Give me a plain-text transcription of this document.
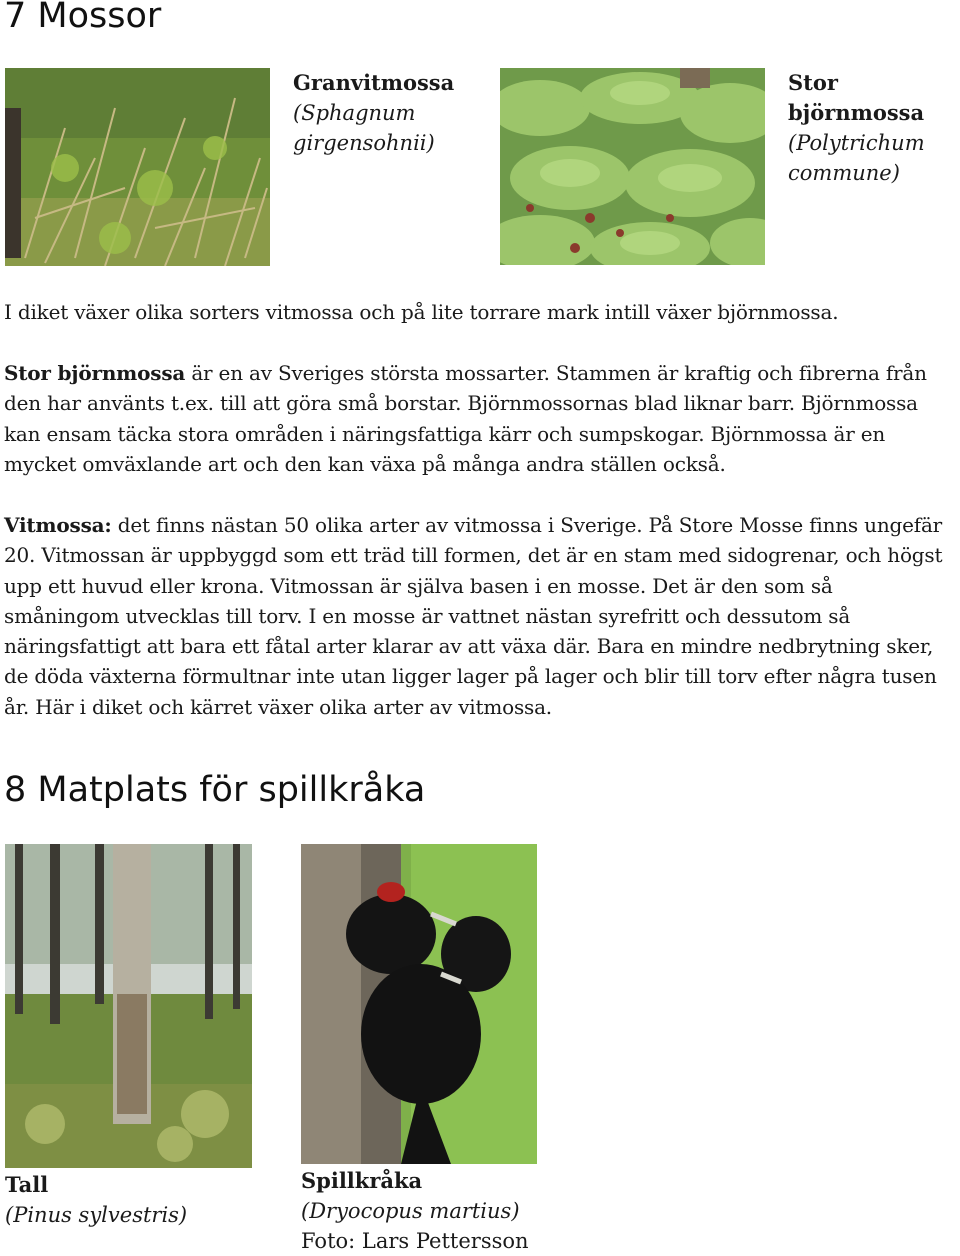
7 Mossor
Granvitmossa
(Sphagnum girgensohnii)
Stor björnmossa
(Polytrichum commune)

I diket växer olika sorters vitmossa och på lite torrare mark intill växer björnmossa.

Stor björnmossa är en av Sveriges största mossarter. Stammen är kraftig och fibrerna från den har använts t.ex. till att göra små borstar. Björnmossornas blad liknar barr. Björnmossa kan ensam täcka stora områden i näringsfattiga kärr och sumpskogar. Björnmossa är en mycket omväxlande art och den kan växa på många andra ställen också.

Vitmossa: det finns nästan 50 olika arter av vitmossa i Sverige. På Store Mosse finns ungefär 20. Vitmossan är uppbyggd som ett träd till formen, det är en stam med sidogrenar, och högst upp ett huvud eller krona. Vitmossan är själva basen i en mosse. Det är den som så småningom utvecklas till torv. I en mosse är vattnet nästan syrefritt och dessutom så näringsfattigt att bara ett fåtal arter klarar av att växa där. Bara en mindre nedbrytning sker, de döda växterna förmultnar inte utan ligger lager på lager och blir till torv efter några tusen år. Här i diket och kärret växer olika arter av vitmossa.

8 Matplats för spillkråka
Tall
(Pinus sylvestris)
Spillkråka
(Dryocopus martius)
Foto: Lars Pettersson
